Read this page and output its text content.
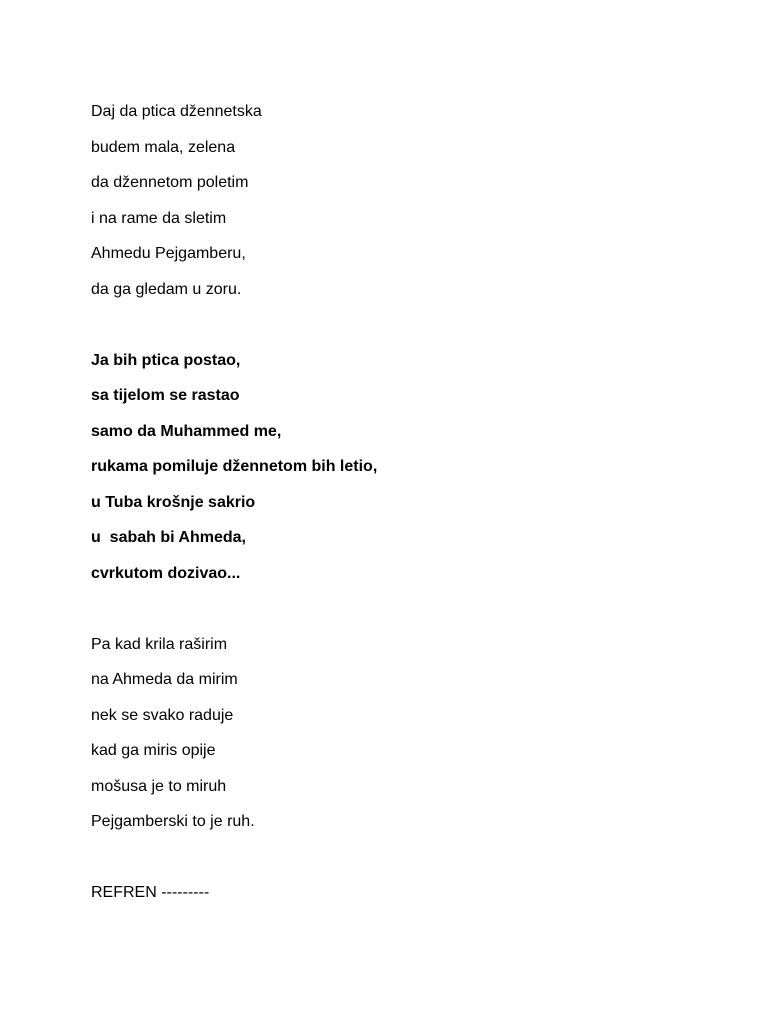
Daj da ptica džennetska
budem mala, zelena
da džennetom poletim
i na rame da sletim
Ahmedu Pejgamberu,
da ga gledam u zoru.
Ja bih ptica postao,
sa tijelom se rastao
samo da Muhammed me,
rukama pomiluje džennetom bih letio,
u Tuba krošnje sakrio
u  sabah bi Ahmeda,
cvrkutom dozivao...
Pa kad krila raširim
na Ahmeda da mirim
nek se svako raduje
kad ga miris opije
mošusa je to miruh
Pejgamberski to je ruh.
REFREN ---------
